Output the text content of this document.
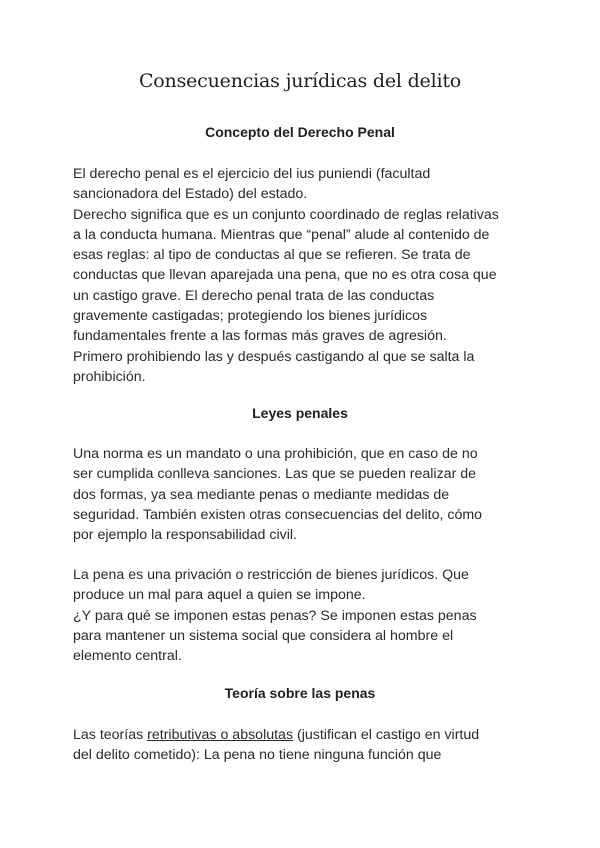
Consecuencias jurídicas del delito
Concepto del Derecho Penal
El derecho penal es el ejercicio del ius puniendi (facultad
sancionadora del Estado) del estado.
Derecho significa que es un conjunto coordinado de reglas relativas
a la conducta humana. Mientras que “penal” alude al contenido de
esas reglas: al tipo de conductas al que se refieren. Se trata de
conductas que llevan aparejada una pena, que no es otra cosa que
un castigo grave. El derecho penal trata de las conductas
gravemente castigadas; protegiendo los bienes jurídicos
fundamentales frente a las formas más graves de agresión.
Primero prohibiendo las y después castigando al que se salta la
prohibición.
Leyes penales
Una norma es un mandato o una prohibición, que en caso de no
ser cumplida conlleva sanciones. Las que se pueden realizar de
dos formas, ya sea mediante penas o mediante medidas de
seguridad. También existen otras consecuencias del delito, cómo
por ejemplo la responsabilidad civil.
La pena es una privación o restricción de bienes jurídicos. Que
produce un mal para aquel a quien se impone.
¿Y para qué se imponen estas penas? Se imponen estas penas
para mantener un sistema social que considera al hombre el
elemento central.
Teoría sobre las penas
Las teorías retributivas o absolutas (justifican el castigo en virtud
del delito cometido): La pena no tiene ninguna función que
